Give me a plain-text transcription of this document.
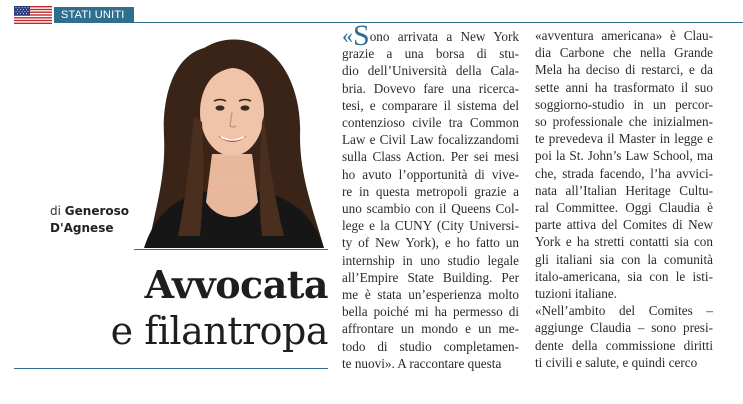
STATI UNITI
di Generoso
D'Agnese
Avvocata
e filantropa
«Sono arrivata a New York
grazie a una borsa di stu-
dio dell’Università della Cala-
bria. Dovevo fare una ricerca-
tesi, e comparare il sistema del
contenzioso civile tra Common
Law e Civil Law focalizzandomi
sulla Class Action. Per sei mesi
ho avuto l’opportunità di vive-
re in questa metropoli grazie a
uno scambio con il Queens Col-
lege e la CUNY (City Universi-
ty of New York), e ho fatto un
internship in uno studio legale
all’Empire State Building. Per
me è stata un’esperienza molto
bella poiché mi ha permesso di
affrontare un mondo e un me-
todo di studio completamen-
te nuovi». A raccontare questa
«avventura americana» è Clau-
dia Carbone che nella Grande
Mela ha deciso di restarci, e da
sette anni ha trasformato il suo
soggiorno-studio in un percor-
so professionale che inizialmen-
te prevedeva il Master in legge e
poi la St. John’s Law School, ma
che, strada facendo, l’ha avvici-
nata all’Italian Heritage Cultu-
ral Committee. Oggi Claudia è
parte attiva del Comites di New
York e ha stretti contatti sia con
gli italiani sia con la comunità
italo-americana, sia con le isti-
tuzioni italiane.
«Nell’ambito del Comites –
aggiunge Claudia – sono presi-
dente della commissione diritti
ti civili e salute, e quindi cerco
